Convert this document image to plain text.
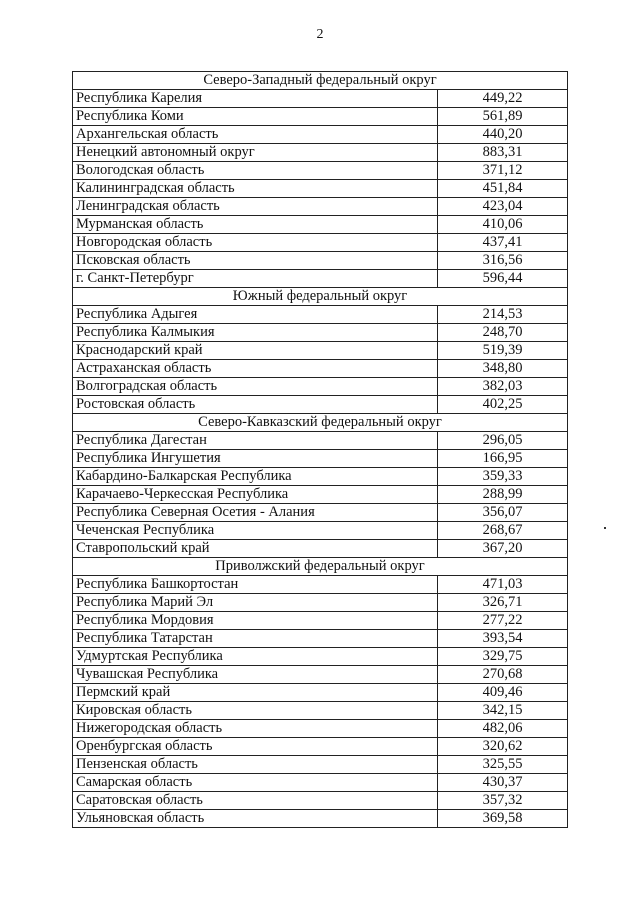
2
Северо-Западный федеральный округ	
Республика Карелия	449,22
Республика Коми	561,89
Архангельская область	440,20
Ненецкий автономный округ	883,31
Вологодская область	371,12
Калининградская область	451,84
Ленинградская область	423,04
Мурманская область	410,06
Новгородская область	437,41
Псковская область	316,56
г. Санкт-Петербург	596,44
Южный федеральный округ	
Республика Адыгея	214,53
Республика Калмыкия	248,70
Краснодарский край	519,39
Астраханская область	348,80
Волгоградская область	382,03
Ростовская область	402,25
Северо-Кавказский федеральный округ	
Республика Дагестан	296,05
Республика Ингушетия	166,95
Кабардино-Балкарская Республика	359,33
Карачаево-Черкесская Республика	288,99
Республика Северная Осетия - Алания	356,07
Чеченская Республика	268,67
Ставропольский край	367,20
Приволжский федеральный округ	
Республика Башкортостан	471,03
Республика Марий Эл	326,71
Республика Мордовия	277,22
Республика Татарстан	393,54
Удмуртская Республика	329,75
Чувашская Республика	270,68
Пермский край	409,46
Кировская область	342,15
Нижегородская область	482,06
Оренбургская область	320,62
Пензенская область	325,55
Самарская область	430,37
Саратовская область	357,32
Ульяновская область	369,58
